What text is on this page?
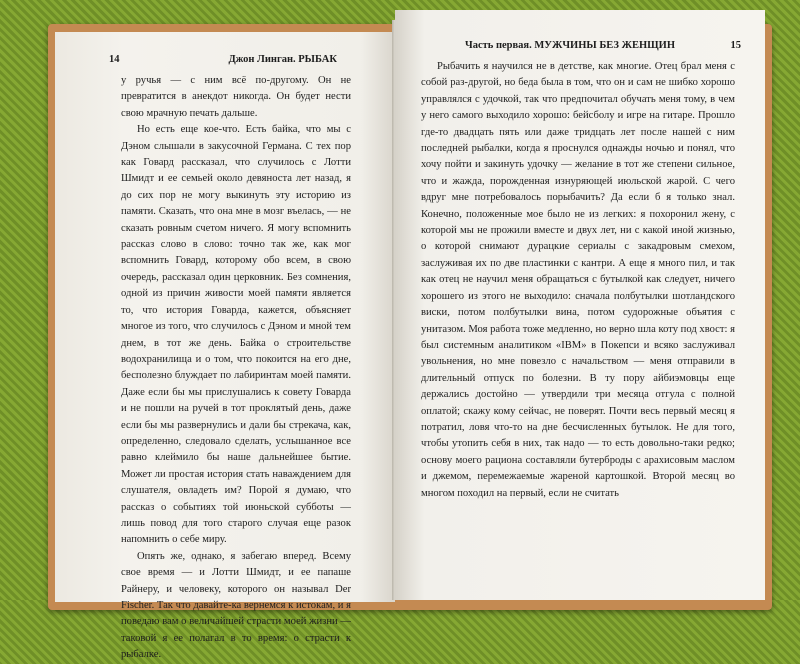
14	Джон Линган. РЫБАК

у ручья — с ним всё по-другому. Он не превратится в анекдот никогда. Он будет нести свою мрачную печать дальше.

Но есть еще кое-что. Есть байка, что мы с Дэном слышали в закусочной Германа. С тех пор как Говард рассказал, что случилось с Лотти Шмидт и ее семьей около девяноста лет назад, я до сих пор не могу выкинуть эту историю из памяти. Сказать, что она мне в мозг въелась, — не сказать ровным счетом ничего. Я могу вспомнить рассказ слово в слово: точно так же, как мог вспомнить Говард, которому обо всем, в свою очередь, рассказал один церковник. Без сомнения, одной из причин живости моей памяти является то, что история Говарда, кажется, объясняет многое из того, что случилось с Дэном и мной тем днем, в тот же день. Байка о строительстве водохранилища и о том, что покоится на его дне, бесполезно блуждает по лабиринтам моей памяти. Даже если бы мы прислушались к совету Говарда и не пошли на ручей в тот проклятый день, даже если бы мы развернулись и дали бы стрекача, как, определенно, следовало сделать, услышанное все равно клеймило бы наше дальнейшее бытие. Может ли простая история стать наваждением для слушателя, овладеть им? Порой я думаю, что рассказ о событиях той июньской субботы — лишь повод для того старого случая еще разок напомнить о себе миру.

Опять же, однако, я забегаю вперед. Всему свое время — и Лотти Шмидт, и ее папаше Райнеру, и человеку, которого он называл Der Fischer. Так что давайте-ка вернемся к истокам, и я поведаю вам о величайшей страсти моей жизни — таковой я ее полагал в то время: о страсти к рыбалке.

Часть первая. МУЖЧИНЫ БЕЗ ЖЕНЩИН	15

Рыбачить я научился не в детстве, как многие. Отец брал меня с собой раз-другой, но беда была в том, что он и сам не шибко хорошо управлялся с удочкой, так что предпочитал обучать меня тому, в чем у него самого выходило хорошо: бейсболу и игре на гитаре. Прошло где-то двадцать пять или даже тридцать лет после нашей с ним последней рыбалки, когда я проснулся однажды ночью и понял, что хочу пойти и закинуть удочку — желание в тот же степени сильное, что и жажда, порожденная изнуряющей июльской жарой. С чего вдруг мне потребовалось порыбачить? Да если б я только знал. Конечно, положенные мое было не из легких: я похоронил жену, с которой мы не прожили вместе и двух лет, ни с какой иной жизнью, о которой снимают дурацкие сериалы с закадровым смехом, заслуживая их по две пластинки с кантри. А еще я много пил, и так как отец не научил меня обращаться с бутылкой как следует, ничего хорошего из этого не выходило: сначала полбутылки шотландского виски, потом полбутылки вина, потом судорожные объятия с унитазом. Моя работа тоже медленно, но верно шла коту под хвост: я был системным аналитиком «IBM» в Покепси и всяко заслуживал увольнения, но мне повезло с начальством — меня отправили в длительный отпуск по болезни. В ту пору айбиэмовцы еще держались достойно — утвердили три месяца отгула с полной оплатой; скажу кому сейчас, не поверят. Почти весь первый месяц я потратил, ловя что-то на дне бесчисленных бутылок. Не для того, чтобы утопить себя в них, так надо — то есть довольно-таки редко; основу моего рациона составляли бутерброды с арахисовым маслом и джемом, перемежаемые жареной картошкой. Второй месяц во многом походил на первый, если не считать
